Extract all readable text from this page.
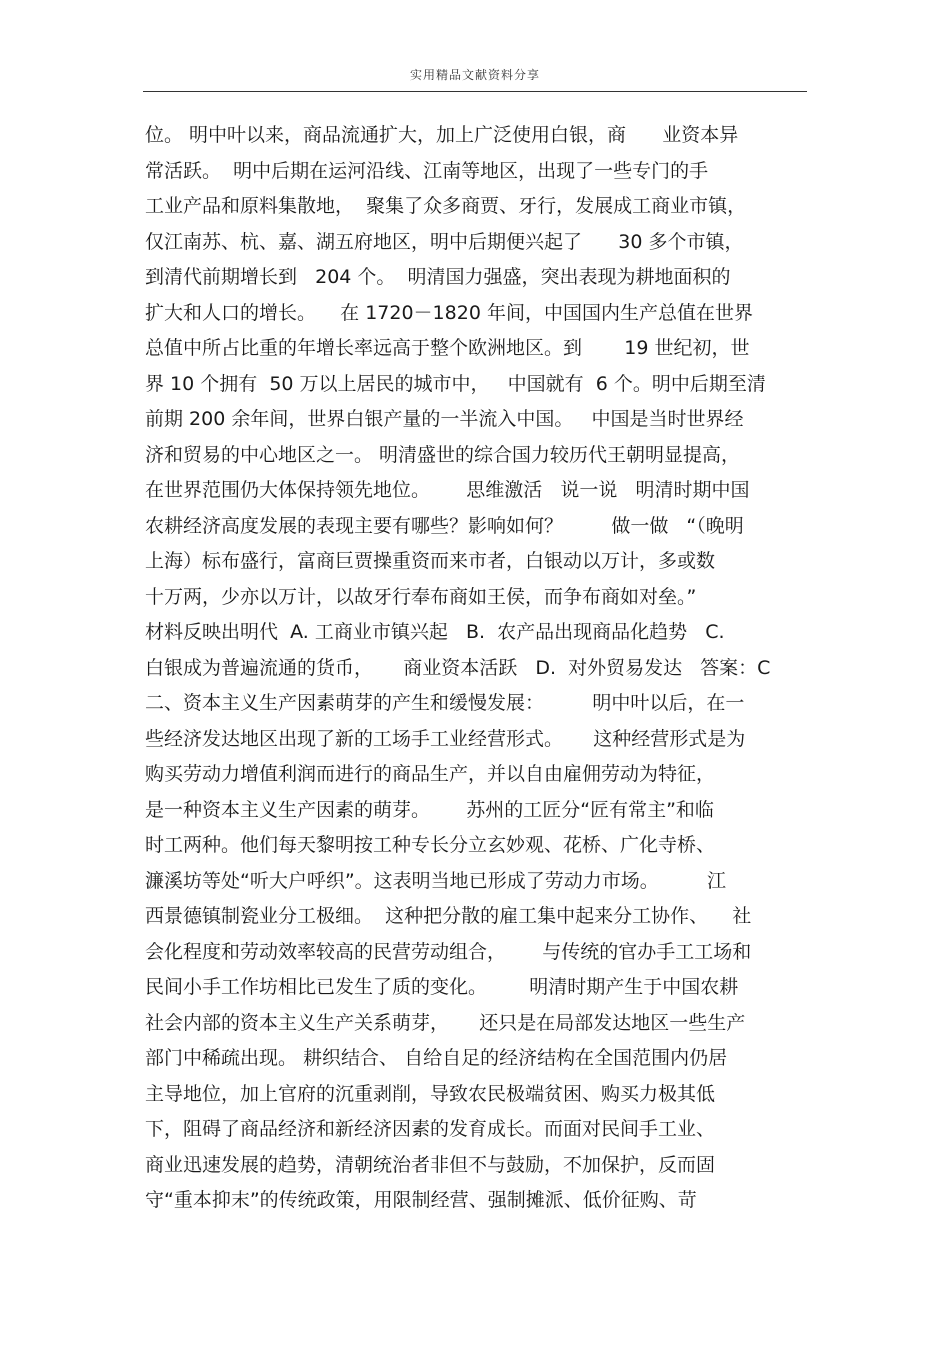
实用精品文献资料分享
位。 明中叶以来，商品流通扩大，加上广泛使用白银，商      业资本异
常活跃。  明中后期在运河沿线、江南等地区，出现了一些专门的手
工业产品和原料集散地，  聚集了众多商贾、牙行，发展成工商业市镇，
仅江南苏、杭、嘉、湖五府地区，明中后期便兴起了      30 多个市镇，
到清代前期增长到   204 个。  明清国力强盛，突出表现为耕地面积的
扩大和人口的增长。    在 1720－1820 年间，中国国内生产总值在世界
总值中所占比重的年增长率远高于整个欧洲地区。到       19 世纪初，世
界 10 个拥有  50 万以上居民的城市中，   中国就有  6 个。明中后期至清
前期 200 余年间，世界白银产量的一半流入中国。   中国是当时世界经
济和贸易的中心地区之一。 明清盛世的综合国力较历代王朝明显提高，
在世界范围仍大体保持领先地位。      思维激活   说一说   明清时期中国
农耕经济高度发展的表现主要有哪些？影响如何？        做一做   “（晚明
上海）标布盛行，富商巨贾操重资而来市者，白银动以万计，多或数
十万两，少亦以万计，以故牙行奉布商如王侯，而争布商如对垒。”
材料反映出明代  A. 工商业市镇兴起   B.  农产品出现商品化趋势   C.
白银成为普遍流通的货币，     商业资本活跃   D.  对外贸易发达   答案：C
二、资本主义生产因素萌芽的产生和缓慢发展：        明中叶以后，在一
些经济发达地区出现了新的工场手工业经营形式。     这种经营形式是为
购买劳动力增值利润而进行的商品生产，并以自由雇佣劳动为特征，
是一种资本主义生产因素的萌芽。      苏州的工匠分“匠有常主”和临
时工两种。他们每天黎明按工种专长分立玄妙观、花桥、广化寺桥、
濂溪坊等处“听大户呼织”。这表明当地已形成了劳动力市场。        江
西景德镇制瓷业分工极细。  这种把分散的雇工集中起来分工协作、    社
会化程度和劳动效率较高的民营劳动组合，      与传统的官办手工工场和
民间小手工作坊相比已发生了质的变化。       明清时期产生于中国农耕
社会内部的资本主义生产关系萌芽，     还只是在局部发达地区一些生产
部门中稀疏出现。 耕织结合、 自给自足的经济结构在全国范围内仍居
主导地位，加上官府的沉重剥削，导致农民极端贫困、购买力极其低
下，阻碍了商品经济和新经济因素的发育成长。而面对民间手工业、
商业迅速发展的趋势，清朝统治者非但不与鼓励，不加保护，反而固
守“重本抑末”的传统政策，用限制经营、强制摊派、低价征购、苛
